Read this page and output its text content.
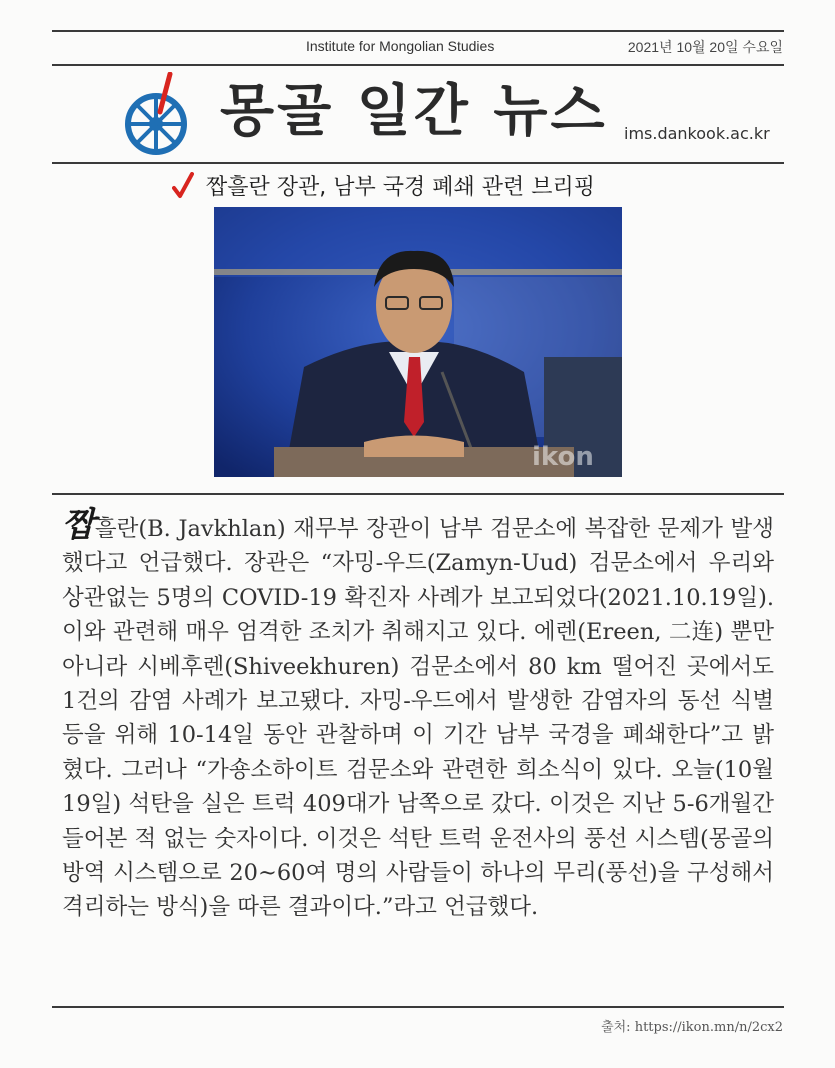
Institute for Mongolian Studies	2021년 10월 20일 수요일
몽골 일간 뉴스 ims.dankook.ac.kr
짭흘란 장관, 남부 국경 폐쇄 관련 브리핑
ikon

짭흘란(B. Javkhlan) 재무부 장관이 남부 검문소에 복잡한 문제가 발생했다고 언급했다. 장관은 “자밍-우드(Zamyn-Uud) 검문소에서 우리와 상관없는 5명의 COVID-19 확진자 사례가 보고되었다(2021.10.19일). 이와 관련해 매우 엄격한 조치가 취해지고 있다. 에렌(Ereen, 二连) 뿐만 아니라 시베후렌(Shiveekhuren) 검문소에서 80 km 떨어진 곳에서도 1건의 감염 사례가 보고됐다. 자밍-우드에서 발생한 감염자의 동선 식별 등을 위해 10-14일 동안 관찰하며 이 기간 남부 국경을 폐쇄한다”고 밝혔다. 그러나 “가숑소하이트 검문소와 관련한 희소식이 있다. 오늘(10월 19일) 석탄을 실은 트럭 409대가 남쪽으로 갔다. 이것은 지난 5-6개월간 들어본 적 없는 숫자이다. 이것은 석탄 트럭 운전사의 풍선 시스템(몽골의 방역 시스템으로 20~60여 명의 사람들이 하나의 무리(풍선)을 구성해서 격리하는 방식)을 따른 결과이다.”라고 언급했다.

출처: https://ikon.mn/n/2cx2
